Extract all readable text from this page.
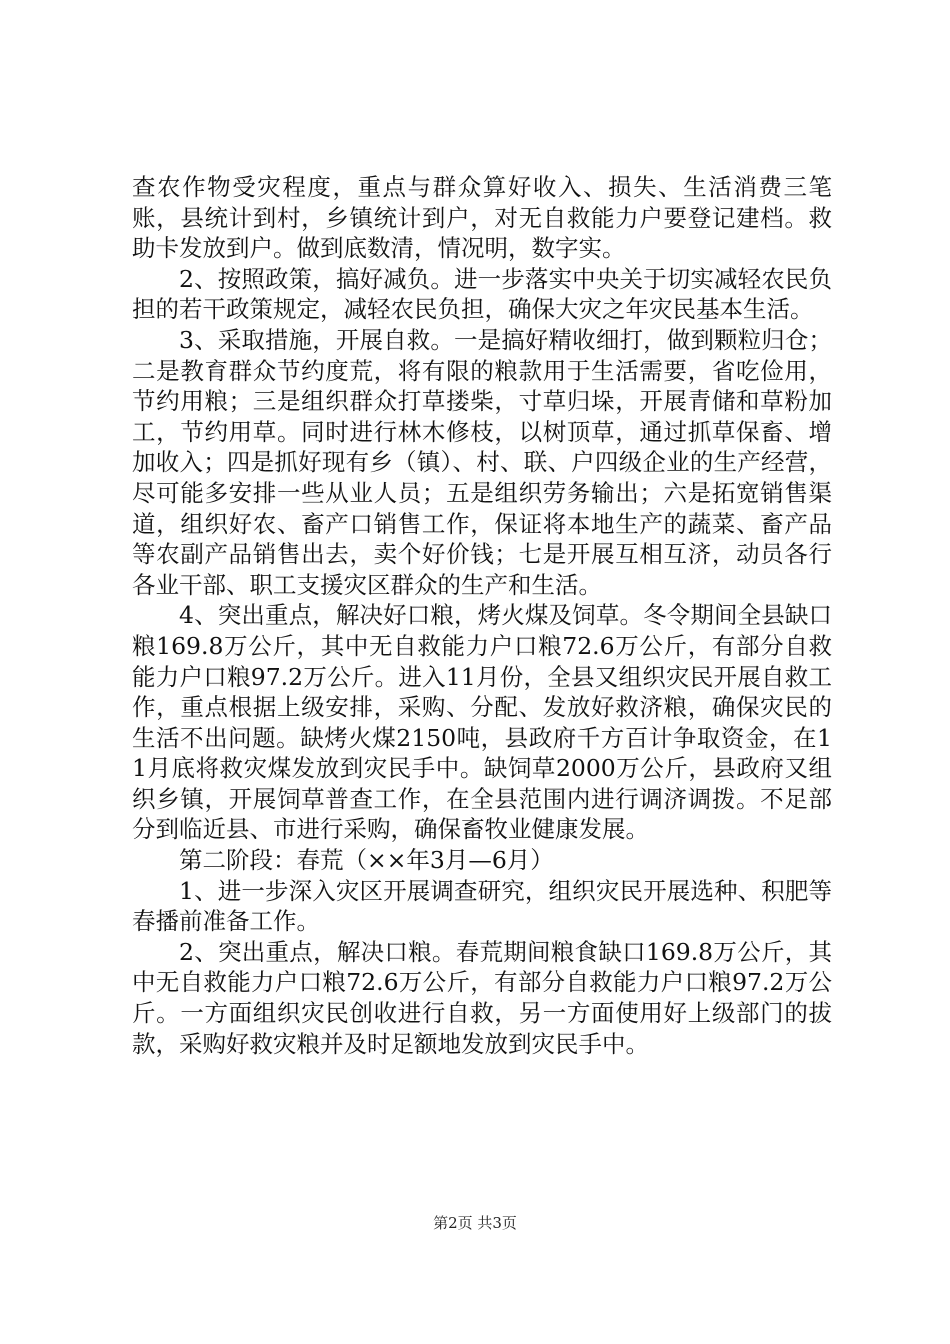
查农作物受灾程度，重点与群众算好收入、损失、生活消费三笔账，县统计到村，乡镇统计到户，对无自救能力户要登记建档。救助卡发放到户。做到底数清，情况明，数字实。

2、按照政策，搞好减负。进一步落实中央关于切实减轻农民负担的若干政策规定，减轻农民负担，确保大灾之年灾民基本生活。

3、采取措施，开展自救。一是搞好精收细打，做到颗粒归仓；二是教育群众节约度荒，将有限的粮款用于生活需要，省吃俭用，节约用粮；三是组织群众打草搂柴，寸草归垛，开展青储和草粉加工，节约用草。同时进行林木修枝，以树顶草，通过抓草保畜、增加收入；四是抓好现有乡（镇）、村、联、户四级企业的生产经营，尽可能多安排一些从业人员；五是组织劳务输出；六是拓宽销售渠道，组织好农、畜产口销售工作，保证将本地生产的蔬菜、畜产品等农副产品销售出去，卖个好价钱；七是开展互相互济，动员各行各业干部、职工支援灾区群众的生产和生活。

4、突出重点，解决好口粮，烤火煤及饲草。冬令期间全县缺口粮169.8万公斤，其中无自救能力户口粮72.6万公斤，有部分自救能力户口粮97.2万公斤。进入11月份，全县又组织灾民开展自救工作，重点根据上级安排，采购、分配、发放好救济粮，确保灾民的生活不出问题。缺烤火煤2150吨，县政府千方百计争取资金，在11月底将救灾煤发放到灾民手中。缺饲草2000万公斤，县政府又组织乡镇，开展饲草普查工作，在全县范围内进行调济调拨。不足部分到临近县、市进行采购，确保畜牧业健康发展。

第二阶段：春荒（××年3月—6月）

1、进一步深入灾区开展调查研究，组织灾民开展选种、积肥等春播前准备工作。

2、突出重点，解决口粮。春荒期间粮食缺口169.8万公斤，其中无自救能力户口粮72.6万公斤，有部分自救能力户口粮97.2万公斤。一方面组织灾民创收进行自救，另一方面使用好上级部门的拔款，采购好救灾粮并及时足额地发放到灾民手中。

第2页 共3页
